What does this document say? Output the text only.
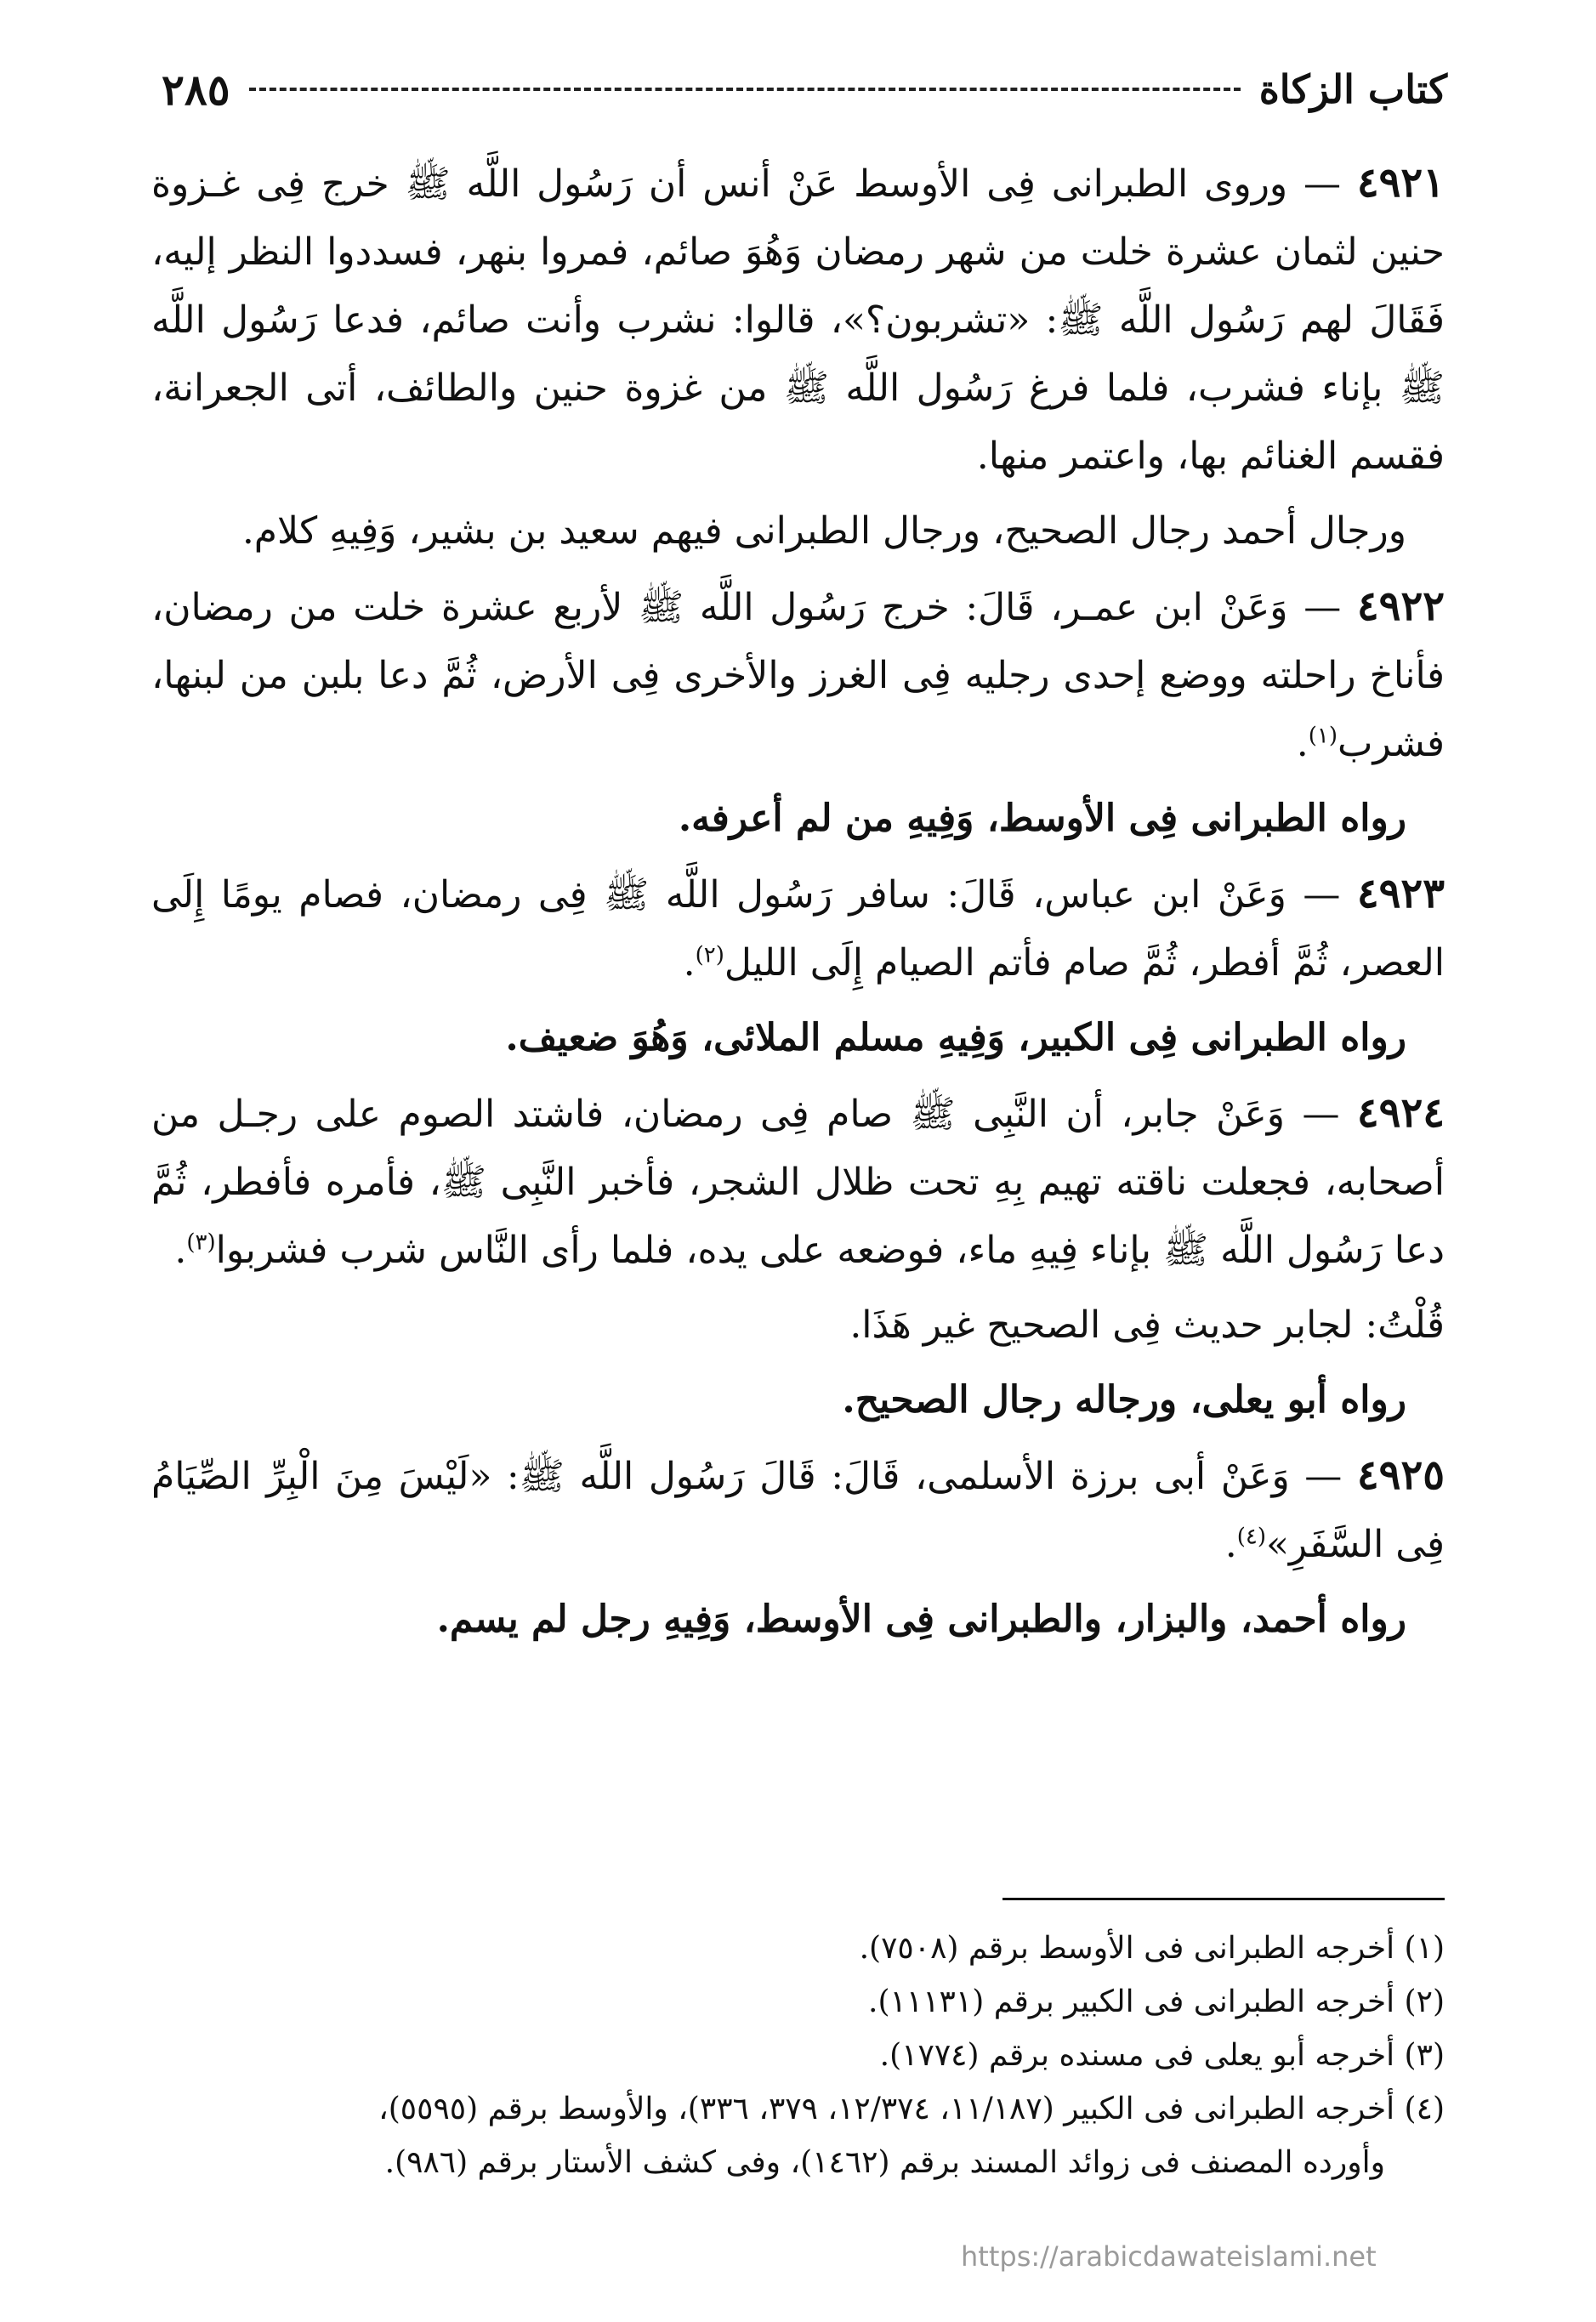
كتاب الزكاة
٢٨٥

٤٩٢١ — وروى الطبرانى فِى الأوسط عَنْ أنس أن رَسُول اللَّه ﷺ خرج فِى غـزوة حنين لثمان عشرة خلت من شهر رمضان وَهُوَ صائم، فمروا بنهر، فسددوا النظر إليه، فَقَالَ لهم رَسُول اللَّه ﷺ: «تشربون؟»، قالوا: نشرب وأنت صائم، فدعا رَسُول اللَّه ﷺ بإناء فشرب، فلما فرغ رَسُول اللَّه ﷺ من غزوة حنين والطائف، أتى الجعرانة، فقسم الغنائم بها، واعتمر منها.

ورجال أحمد رجال الصحيح، ورجال الطبرانى فيهم سعيد بن بشير، وَفِيهِ كلام.

٤٩٢٢ — وَعَنْ ابن عمـر، قَالَ: خرج رَسُول اللَّه ﷺ لأربع عشرة خلت من رمضان، فأناخ راحلته ووضع إحدى رجليه فِى الغرز والأخرى فِى الأرض، ثُمَّ دعا بلبن من لبنها، فشرب$^{(١)}$.

رواه الطبرانى فِى الأوسط، وَفِيهِ من لم أعرفه.

٤٩٢٣ — وَعَنْ ابن عباس، قَالَ: سافر رَسُول اللَّه ﷺ فِى رمضان، فصام يومًا إِلَى العصر، ثُمَّ أفطر، ثُمَّ صام فأتم الصيام إِلَى الليل$^{(٢)}$.

رواه الطبرانى فِى الكبير، وَفِيهِ مسلم الملائى، وَهُوَ ضعيف.

٤٩٢٤ — وَعَنْ جابر، أن النَّبِى ﷺ صام فِى رمضان، فاشتد الصوم على رجـل من أصحابه، فجعلت ناقته تهيم بِهِ تحت ظلال الشجر، فأخبر النَّبِى ﷺ، فأمره فأفطر، ثُمَّ دعا رَسُول اللَّه ﷺ بإناء فِيهِ ماء، فوضعه على يده، فلما رأى النَّاس شرب فشربوا$^{(٣)}$.

قُلْتُ: لجابر حديث فِى الصحيح غير هَذَا.

رواه أبو يعلى، ورجاله رجال الصحيح.

٤٩٢٥ — وَعَنْ أبى برزة الأسلمى، قَالَ: قَالَ رَسُول اللَّه ﷺ: «لَيْسَ مِنَ الْبِرِّ الصِّيَامُ فِى السَّفَرِ»$^{(٤)}$.

رواه أحمد، والبزار، والطبرانى فِى الأوسط، وَفِيهِ رجل لم يسم.

(١) أخرجه الطبرانى فى الأوسط برقم (٧٥٠٨).

(٢) أخرجه الطبرانى فى الكبير برقم (١١١٣١).

(٣) أخرجه أبو يعلى فى مسنده برقم (١٧٧٤).

(٤) أخرجه الطبرانى فى الكبير (١١/١٨٧، ١٢/٣٧٤، ٣٧٩، ٣٣٦)، والأوسط برقم (٥٥٩٥)،

وأورده المصنف فى زوائد المسند برقم (١٤٦٢)، وفى كشف الأستار برقم (٩٨٦).

https://arabicdawateislami.net
